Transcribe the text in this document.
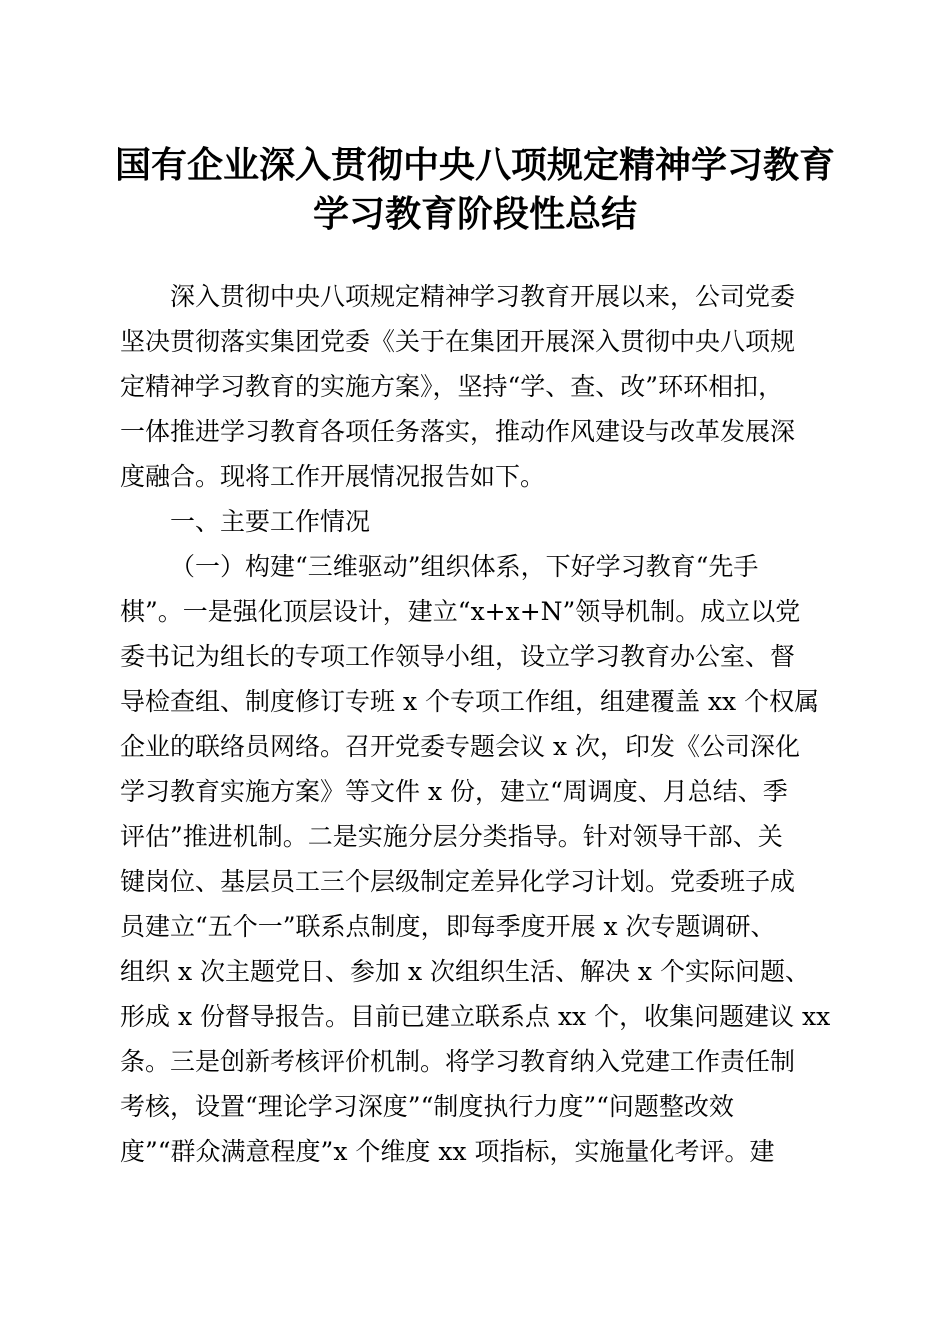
国有企业深入贯彻中央八项规定精神学习教育
学习教育阶段性总结

深入贯彻中央八项规定精神学习教育开展以来，公司党委

坚决贯彻落实集团党委《关于在集团开展深入贯彻中央八项规

定精神学习教育的实施方案》，坚持“学、查、改”环环相扣，

一体推进学习教育各项任务落实，推动作风建设与改革发展深

度融合。现将工作开展情况报告如下。

一、主要工作情况

（一）构建“三维驱动”组织体系，下好学习教育“先手

棋”。一是强化顶层设计，建立“x+x+N”领导机制。成立以党

委书记为组长的专项工作领导小组，设立学习教育办公室、督

导检查组、制度修订专班 x 个专项工作组，组建覆盖 xx 个权属

企业的联络员网络。召开党委专题会议 x 次，印发《公司深化

学习教育实施方案》等文件 x 份，建立“周调度、月总结、季

评估”推进机制。二是实施分层分类指导。针对领导干部、关

键岗位、基层员工三个层级制定差异化学习计划。党委班子成

员建立“五个一”联系点制度，即每季度开展 x 次专题调研、

组织 x 次主题党日、参加 x 次组织生活、解决 x 个实际问题、

形成 x 份督导报告。目前已建立联系点 xx 个，收集问题建议 xx

条。三是创新考核评价机制。将学习教育纳入党建工作责任制

考核，设置“理论学习深度”“制度执行力度”“问题整改效

度”“群众满意程度”x 个维度 xx 项指标，实施量化考评。建
